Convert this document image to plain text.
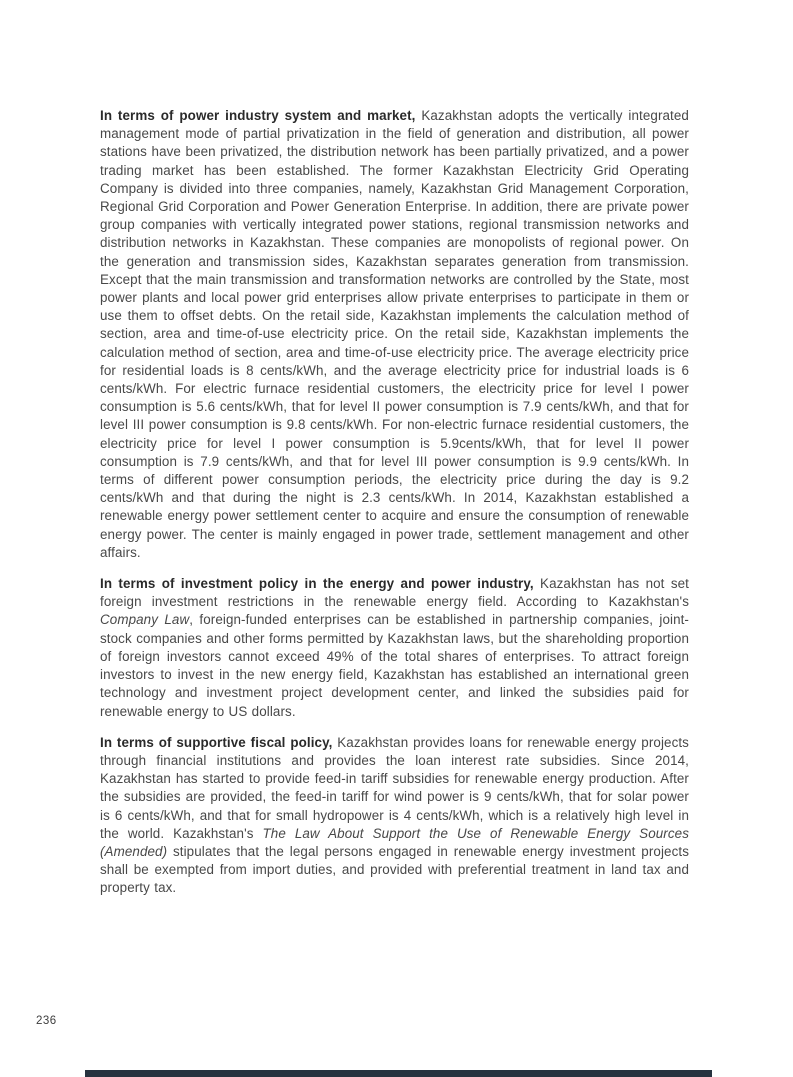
In terms of power industry system and market, Kazakhstan adopts the vertically integrated management mode of partial privatization in the field of generation and distribution, all power stations have been privatized, the distribution network has been partially privatized, and a power trading market has been established. The former Kazakhstan Electricity Grid Operating Company is divided into three companies, namely, Kazakhstan Grid Management Corporation, Regional Grid Corporation and Power Generation Enterprise. In addition, there are private power group companies with vertically integrated power stations, regional transmission networks and distribution networks in Kazakhstan. These companies are monopolists of regional power. On the generation and transmission sides, Kazakhstan separates generation from transmission. Except that the main transmission and transformation networks are controlled by the State, most power plants and local power grid enterprises allow private enterprises to participate in them or use them to offset debts. On the retail side, Kazakhstan implements the calculation method of section, area and time-of-use electricity price. On the retail side, Kazakhstan implements the calculation method of section, area and time-of-use electricity price. The average electricity price for residential loads is 8 cents/kWh, and the average electricity price for industrial loads is 6 cents/kWh. For electric furnace residential customers, the electricity price for level I power consumption is 5.6 cents/kWh, that for level II power consumption is 7.9 cents/kWh, and that for level III power consumption is 9.8 cents/kWh. For non-electric furnace residential customers, the electricity price for level I power consumption is 5.9cents/kWh, that for level II power consumption is 7.9 cents/kWh, and that for level III power consumption is 9.9 cents/kWh. In terms of different power consumption periods, the electricity price during the day is 9.2 cents/kWh and that during the night is 2.3 cents/kWh. In 2014, Kazakhstan established a renewable energy power settlement center to acquire and ensure the consumption of renewable energy power. The center is mainly engaged in power trade, settlement management and other affairs.

In terms of investment policy in the energy and power industry, Kazakhstan has not set foreign investment restrictions in the renewable energy field. According to Kazakhstan's Company Law, foreign-funded enterprises can be established in partnership companies, joint-stock companies and other forms permitted by Kazakhstan laws, but the shareholding proportion of foreign investors cannot exceed 49% of the total shares of enterprises. To attract foreign investors to invest in the new energy field, Kazakhstan has established an international green technology and investment project development center, and linked the subsidies paid for renewable energy to US dollars.

In terms of supportive fiscal policy, Kazakhstan provides loans for renewable energy projects through financial institutions and provides the loan interest rate subsidies. Since 2014, Kazakhstan has started to provide feed-in tariff subsidies for renewable energy production. After the subsidies are provided, the feed-in tariff for wind power is 9 cents/kWh, that for solar power is 6 cents/kWh, and that for small hydropower is 4 cents/kWh, which is a relatively high level in the world. Kazakhstan's The Law About Support the Use of Renewable Energy Sources (Amended) stipulates that the legal persons engaged in renewable energy investment projects shall be exempted from import duties, and provided with preferential treatment in land tax and property tax.

236
